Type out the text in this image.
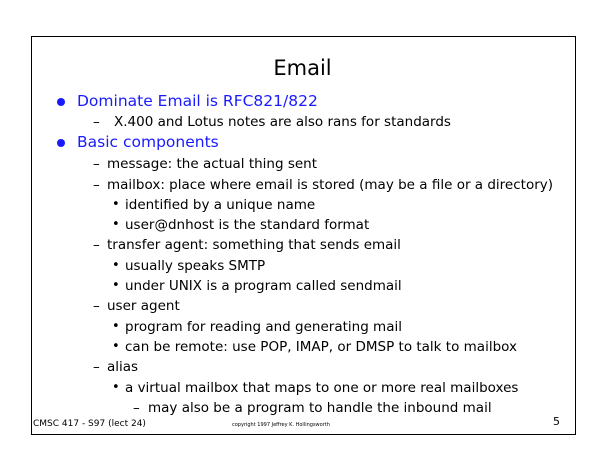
Email
Dominate Email is RFC821/822
– X.400 and Lotus notes are also rans for standards
Basic components
– message: the actual thing sent
– mailbox: place where email is stored (may be a file or a directory)
• identified by a unique name
• user@dnhost is the standard format
– transfer agent: something that sends email
• usually speaks SMTP
• under UNIX is a program called sendmail
– user agent
• program for reading and generating mail
• can be remote: use POP, IMAP, or DMSP to talk to mailbox
– alias
• a virtual mailbox that maps to one or more real mailboxes
– may also be a program to handle the inbound mail
CMSC 417 - S97 (lect 24)	copyright 1997 Jeffrey K. Hollingsworth	5
